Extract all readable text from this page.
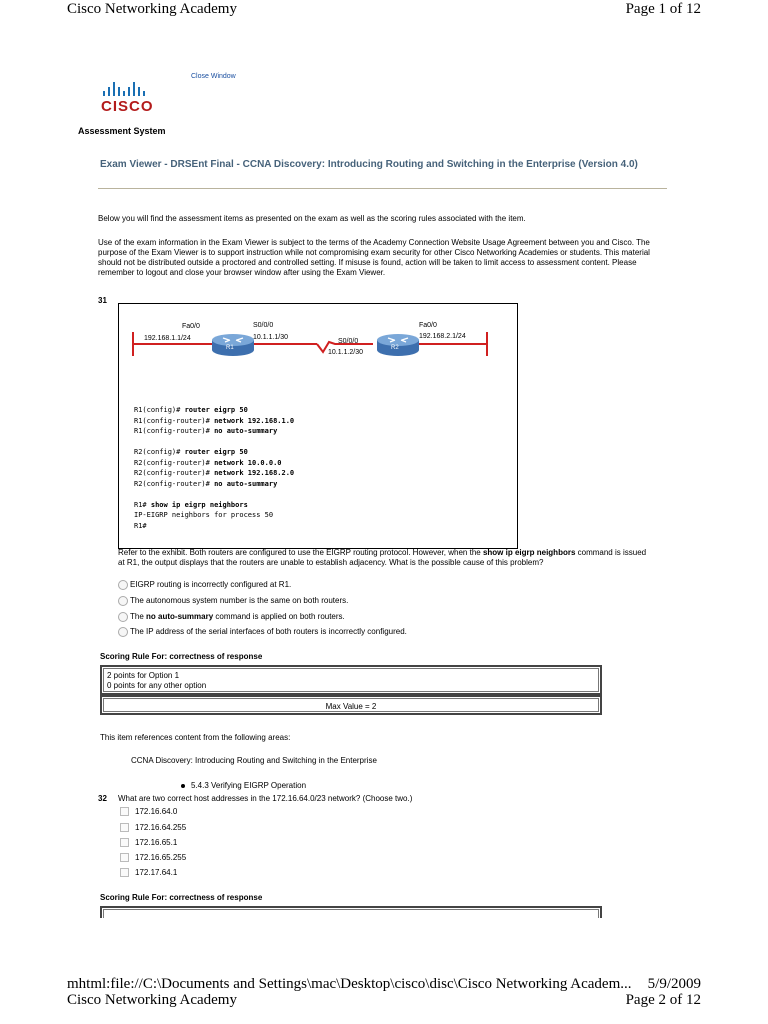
Cisco Networking Academy	Page 1 of 12
CISCO
Close Window
Assessment System
Exam Viewer - DRSEnt Final - CCNA Discovery: Introducing Routing and Switching in the Enterprise (Version 4.0)
Below you will find the assessment items as presented on the exam as well as the scoring rules associated with the item.
Use of the exam information in the Exam Viewer is subject to the terms of the Academy Connection Website Usage Agreement between you and Cisco. The purpose of the Exam Viewer is to support instruction while not compromising exam security for other Cisco Networking Academies or students. This material should not be distributed outside a proctored and controlled setting. If misuse is found, action will be taken to limit access to assessment content. Please remember to logout and close your browser window after using the Exam Viewer.
31
Fa0/0
192.168.1.1/24
R1
S0/0/0
10.1.1.1/30
S0/0/0
10.1.1.2/30
R2
Fa0/0
192.168.2.1/24
R1(config)# router eigrp 50
R1(config-router)# network 192.168.1.0
R1(config-router)# no auto-summary

R2(config)# router eigrp 50
R2(config-router)# network 10.0.0.0
R2(config-router)# network 192.168.2.0
R2(config-router)# no auto-summary

R1# show ip eigrp neighbors
IP-EIGRP neighbors for process 50
R1#
Refer to the exhibit. Both routers are configured to use the EIGRP routing protocol. However, when the show ip eigrp neighbors command is issued at R1, the output displays that the routers are unable to establish adjacency. What is the possible cause of this problem?
EIGRP routing is incorrectly configured at R1.
The autonomous system number is the same on both routers.
The no auto-summary command is applied on both routers.
The IP address of the serial interfaces of both routers is incorrectly configured.
Scoring Rule For: correctness of response
2 points for Option 1
0 points for any other option
Max Value = 2
This item references content from the following areas:
CCNA Discovery: Introducing Routing and Switching in the Enterprise
5.4.3 Verifying EIGRP Operation
32 What are two correct host addresses in the 172.16.64.0/23 network? (Choose two.)
172.16.64.0
172.16.64.255
172.16.65.1
172.16.65.255
172.17.64.1
Scoring Rule For: correctness of response
mhtml:file://C:\Documents and Settings\mac\Desktop\cisco\disc\Cisco Networking Academ... 5/9/2009
Cisco Networking Academy	Page 2 of 12
